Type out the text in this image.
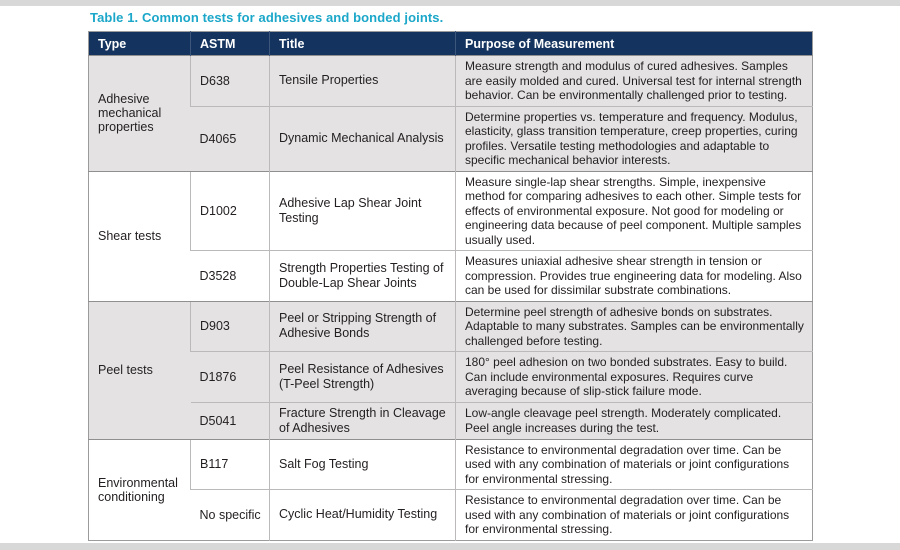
Table 1. Common tests for adhesives and bonded joints.
Type	ASTM	Title	Purpose of Measurement
Adhesive mechanical properties	D638	Tensile Properties	Measure strength and modulus of cured adhesives. Samples are easily molded and cured. Universal test for internal strength behavior. Can be environmentally challenged prior to testing.
	D4065	Dynamic Mechanical Analysis	Determine properties vs. temperature and frequency. Modulus, elasticity, glass transition temperature, creep properties, curing profiles. Versatile testing methodologies and adaptable to specific mechanical behavior interests.
Shear tests	D1002	Adhesive Lap Shear Joint Testing	Measure single-lap shear strengths. Simple, inexpensive method for comparing adhesives to each other. Simple tests for effects of environmental exposure. Not good for modeling or engineering data because of peel component. Multiple samples usually used.
	D3528	Strength Properties Testing of Double-Lap Shear Joints	Measures uniaxial adhesive shear strength in tension or compression. Provides true engineering data for modeling. Also can be used for dissimilar substrate combinations.
Peel tests	D903	Peel or Stripping Strength of Adhesive Bonds	Determine peel strength of adhesive bonds on substrates. Adaptable to many substrates. Samples can be environmentally challenged before testing.
	D1876	Peel Resistance of Adhesives (T-Peel Strength)	180° peel adhesion on two bonded substrates. Easy to build. Can include environmental exposures. Requires curve averaging because of slip-stick failure mode.
	D5041	Fracture Strength in Cleavage of Adhesives	Low-angle cleavage peel strength. Moderately complicated. Peel angle increases during the test.
Environmental conditioning	B117	Salt Fog Testing	Resistance to environmental degradation over time. Can be used with any combination of materials or joint configurations for environmental stressing.
	No specific	Cyclic Heat/Humidity Testing	Resistance to environmental degradation over time. Can be used with any combination of materials or joint configurations for environmental stressing.
